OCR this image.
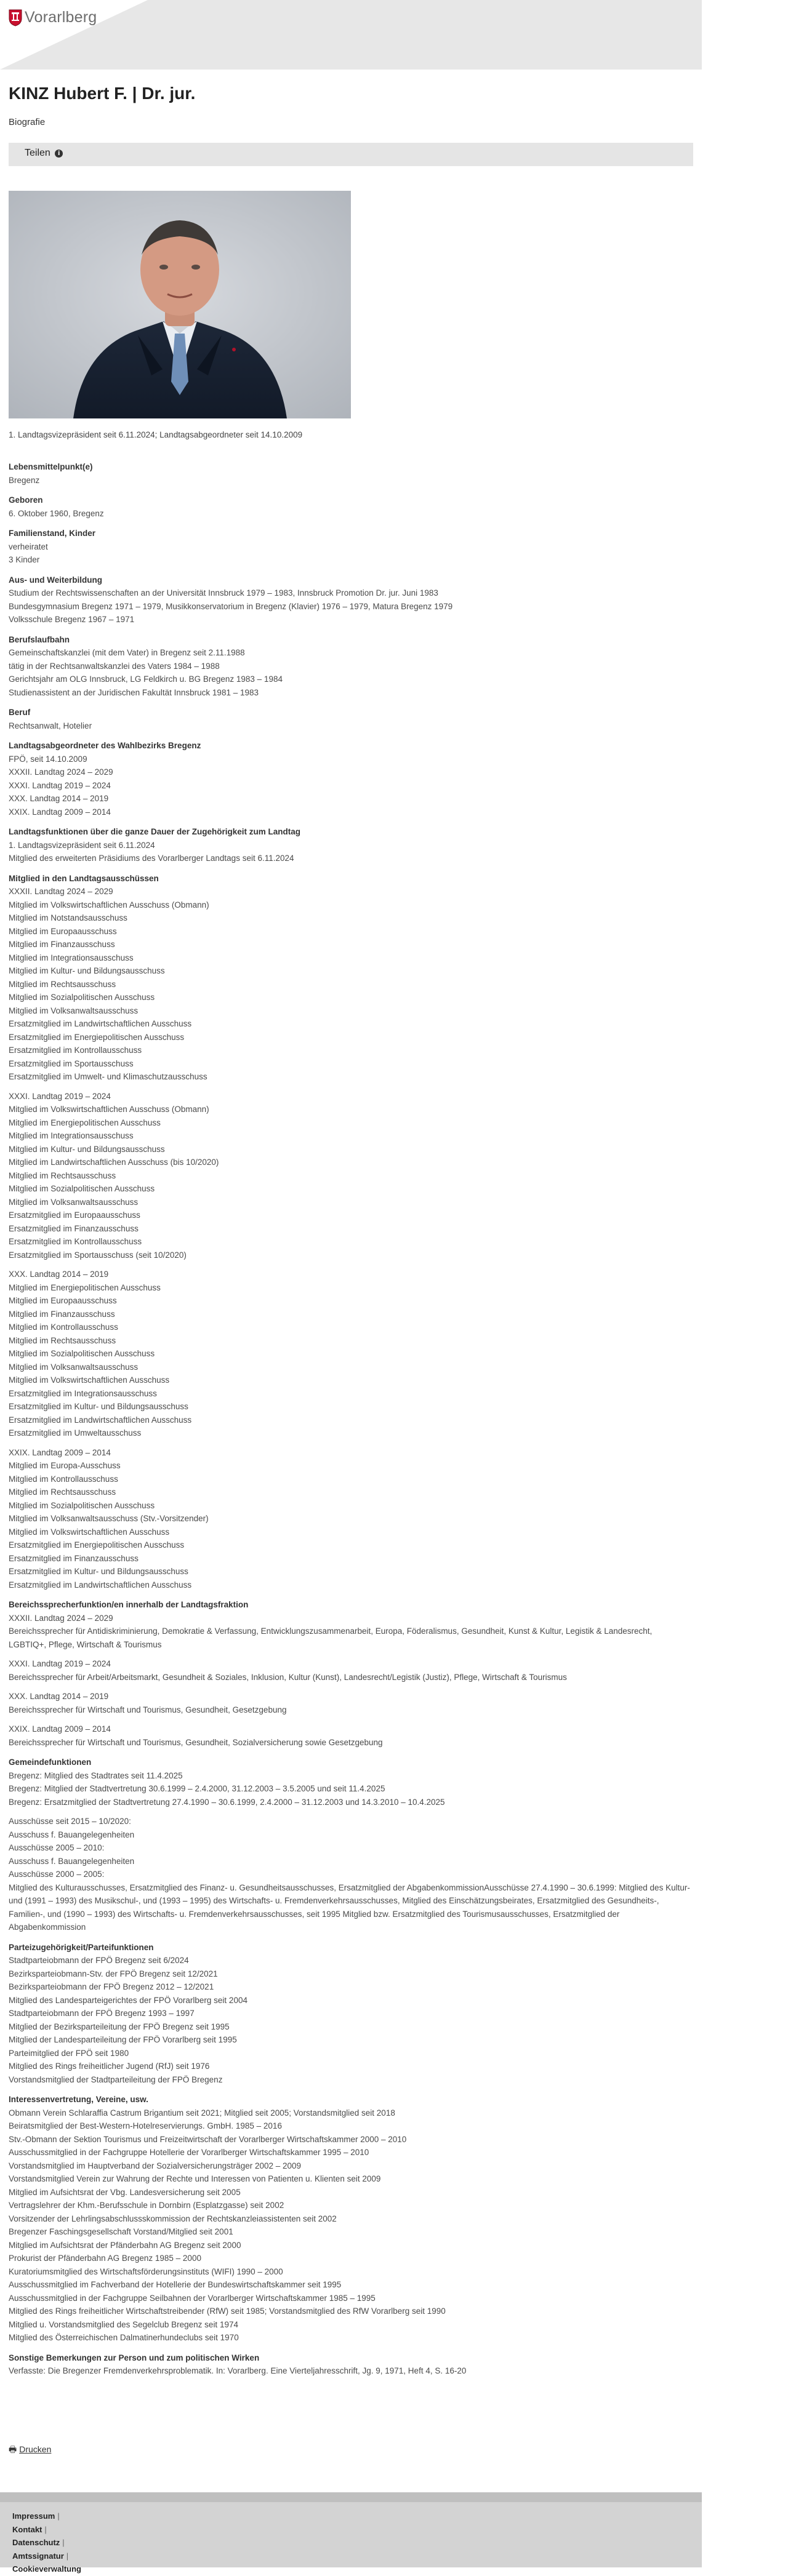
Vorarlberg
KINZ Hubert F. | Dr. jur.
Biografie
Teilen i
1. Landtagsvizepräsident seit 6.11.2024; Landtagsabgeordneter seit 14.10.2009
Lebensmittelpunkt(e)
Bregenz
Geboren
6. Oktober 1960, Bregenz
Familienstand, Kinder
verheiratet
3 Kinder
Aus- und Weiterbildung
Studium der Rechtswissenschaften an der Universität Innsbruck 1979 – 1983, Innsbruck Promotion Dr. jur. Juni 1983
Bundesgymnasium Bregenz 1971 – 1979, Musikkonservatorium in Bregenz (Klavier) 1976 – 1979, Matura Bregenz 1979
Volksschule Bregenz 1967 – 1971
Berufslaufbahn
Gemeinschaftskanzlei (mit dem Vater) in Bregenz seit 2.11.1988
tätig in der Rechtsanwaltskanzlei des Vaters 1984 – 1988
Gerichtsjahr am OLG Innsbruck, LG Feldkirch u. BG Bregenz 1983 – 1984
Studienassistent an der Juridischen Fakultät Innsbruck 1981 – 1983
Beruf
Rechtsanwalt, Hotelier
Landtagsabgeordneter des Wahlbezirks Bregenz
FPÖ, seit 14.10.2009
XXXII. Landtag 2024 – 2029
XXXI. Landtag 2019 – 2024
XXX. Landtag 2014 – 2019
XXIX. Landtag 2009 – 2014
Landtagsfunktionen über die ganze Dauer der Zugehörigkeit zum Landtag
1. Landtagsvizepräsident seit 6.11.2024
Mitglied des erweiterten Präsidiums des Vorarlberger Landtags seit 6.11.2024
Mitglied in den Landtagsausschüssen
XXXII. Landtag 2024 – 2029
Mitglied im Volkswirtschaftlichen Ausschuss (Obmann)
Mitglied im Notstandsausschuss
Mitglied im Europaausschuss
Mitglied im Finanzausschuss
Mitglied im Integrationsausschuss
Mitglied im Kultur- und Bildungsausschuss
Mitglied im Rechtsausschuss
Mitglied im Sozialpolitischen Ausschuss
Mitglied im Volksanwaltsausschuss
Ersatzmitglied im Landwirtschaftlichen Ausschuss
Ersatzmitglied im Energiepolitischen Ausschuss
Ersatzmitglied im Kontrollausschuss
Ersatzmitglied im Sportausschuss
Ersatzmitglied im Umwelt- und Klimaschutzausschuss
XXXI. Landtag 2019 – 2024
Mitglied im Volkswirtschaftlichen Ausschuss (Obmann)
Mitglied im Energiepolitischen Ausschuss
Mitglied im Integrationsausschuss
Mitglied im Kultur- und Bildungsausschuss
Mitglied im Landwirtschaftlichen Ausschuss (bis 10/2020)
Mitglied im Rechtsausschuss
Mitglied im Sozialpolitischen Ausschuss
Mitglied im Volksanwaltsausschuss
Ersatzmitglied im Europaausschuss
Ersatzmitglied im Finanzausschuss
Ersatzmitglied im Kontrollausschuss
Ersatzmitglied im Sportausschuss (seit 10/2020)
XXX. Landtag 2014 – 2019
Mitglied im Energiepolitischen Ausschuss
Mitglied im Europaausschuss
Mitglied im Finanzausschuss
Mitglied im Kontrollausschuss
Mitglied im Rechtsausschuss
Mitglied im Sozialpolitischen Ausschuss
Mitglied im Volksanwaltsausschuss
Mitglied im Volkswirtschaftlichen Ausschuss
Ersatzmitglied im Integrationsausschuss
Ersatzmitglied im Kultur- und Bildungsausschuss
Ersatzmitglied im Landwirtschaftlichen Ausschuss
Ersatzmitglied im Umweltausschuss
XXIX. Landtag 2009 – 2014
Mitglied im Europa-Ausschuss
Mitglied im Kontrollausschuss
Mitglied im Rechtsausschuss
Mitglied im Sozialpolitischen Ausschuss
Mitglied im Volksanwaltsausschuss (Stv.-Vorsitzender)
Mitglied im Volkswirtschaftlichen Ausschuss
Ersatzmitglied im Energiepolitischen Ausschuss
Ersatzmitglied im Finanzausschuss
Ersatzmitglied im Kultur- und Bildungsausschuss
Ersatzmitglied im Landwirtschaftlichen Ausschuss
Bereichssprecherfunktion/en innerhalb der Landtagsfraktion
XXXII. Landtag 2024 – 2029
Bereichssprecher für Antidiskriminierung, Demokratie & Verfassung, Entwicklungszusammenarbeit, Europa, Föderalismus, Gesundheit, Kunst & Kultur, Legistik & Landesrecht, LGBTIQ+, Pflege, Wirtschaft & Tourismus
XXXI. Landtag 2019 – 2024
Bereichssprecher für Arbeit/Arbeitsmarkt, Gesundheit & Soziales, Inklusion, Kultur (Kunst), Landesrecht/Legistik (Justiz), Pflege, Wirtschaft & Tourismus
XXX. Landtag 2014 – 2019
Bereichssprecher für Wirtschaft und Tourismus, Gesundheit, Gesetzgebung
XXIX. Landtag 2009 – 2014
Bereichssprecher für Wirtschaft und Tourismus, Gesundheit, Sozialversicherung sowie Gesetzgebung
Gemeindefunktionen
Bregenz: Mitglied des Stadtrates seit 11.4.2025
Bregenz: Mitglied der Stadtvertretung 30.6.1999 – 2.4.2000, 31.12.2003 – 3.5.2005 und seit 11.4.2025
Bregenz: Ersatzmitglied der Stadtvertretung 27.4.1990 – 30.6.1999, 2.4.2000 – 31.12.2003 und 14.3.2010 – 10.4.2025
Ausschüsse seit 2015 – 10/2020:
Ausschuss f. Bauangelegenheiten
Ausschüsse 2005 – 2010:
Ausschuss f. Bauangelegenheiten
Ausschüsse 2000 – 2005:
Mitglied des Kulturausschusses, Ersatzmitglied des Finanz- u. Gesundheitsausschusses, Ersatzmitglied der AbgabenkommissionAusschüsse 27.4.1990 – 30.6.1999: Mitglied des Kultur- und (1991 – 1993) des Musikschul-, und (1993 – 1995) des Wirtschafts- u. Fremdenverkehrsausschusses, Mitglied des Einschätzungsbeirates, Ersatzmitglied des Gesundheits-, Familien-, und (1990 – 1993) des Wirtschafts- u. Fremdenverkehrsausschusses, seit 1995 Mitglied bzw. Ersatzmitglied des Tourismusausschusses, Ersatzmitglied der Abgabenkommission
Parteizugehörigkeit/Parteifunktionen
Stadtparteiobmann der FPÖ Bregenz seit 6/2024
Bezirksparteiobmann-Stv. der FPÖ Bregenz seit 12/2021
Bezirksparteiobmann der FPÖ Bregenz 2012 – 12/2021
Mitglied des Landesparteigerichtes der FPÖ Vorarlberg seit 2004
Stadtparteiobmann der FPÖ Bregenz 1993 – 1997
Mitglied der Bezirksparteileitung der FPÖ Bregenz seit 1995
Mitglied der Landesparteileitung der FPÖ Vorarlberg seit 1995
Parteimitglied der FPÖ seit 1980
Mitglied des Rings freiheitlicher Jugend (RfJ) seit 1976
Vorstandsmitglied der Stadtparteileitung der FPÖ Bregenz
Interessenvertretung, Vereine, usw.
Obmann Verein Schlaraffia Castrum Brigantium seit 2021; Mitglied seit 2005; Vorstandsmitglied seit 2018
Beiratsmitglied der Best-Western-Hotelreservierungs. GmbH. 1985 – 2016
Stv.-Obmann der Sektion Tourismus und Freizeitwirtschaft der Vorarlberger Wirtschaftskammer 2000 – 2010
Ausschussmitglied in der Fachgruppe Hotellerie der Vorarlberger Wirtschaftskammer 1995 – 2010
Vorstandsmitglied im Hauptverband der Sozialversicherungsträger 2002 – 2009
Vorstandsmitglied Verein zur Wahrung der Rechte und Interessen von Patienten u. Klienten seit 2009
Mitglied im Aufsichtsrat der Vbg. Landesversicherung seit 2005
Vertragslehrer der Khm.-Berufsschule in Dornbirn (Esplatzgasse) seit 2002
Vorsitzender der Lehrlingsabschlussskommission der Rechtskanzleiassistenten seit 2002
Bregenzer Faschingsgesellschaft Vorstand/Mitglied seit 2001
Mitglied im Aufsichtsrat der Pfänderbahn AG Bregenz seit 2000
Prokurist der Pfänderbahn AG Bregenz 1985 – 2000
Kuratoriumsmitglied des Wirtschaftsförderungsinstituts (WIFI) 1990 – 2000
Ausschussmitglied im Fachverband der Hotellerie der Bundeswirtschaftskammer seit 1995
Ausschussmitglied in der Fachgruppe Seilbahnen der Vorarlberger Wirtschaftskammer 1985 – 1995
Mitglied des Rings freiheitlicher Wirtschaftstreibender (RfW) seit 1985; Vorstandsmitglied des RfW Vorarlberg seit 1990
Mitglied u. Vorstandsmitglied des Segelclub Bregenz seit 1974
Mitglied des Österreichischen Dalmatinerhundeclubs seit 1970
Sonstige Bemerkungen zur Person und zum politischen Wirken
Verfasste: Die Bregenzer Fremdenverkehrsproblematik. In: Vorarlberg. Eine Vierteljahresschrift, Jg. 9, 1971, Heft 4, S. 16-20
🖶 Drucken
Impressum |
Kontakt |
Datenschutz |
Amtssignatur |
Cookieverwaltung
